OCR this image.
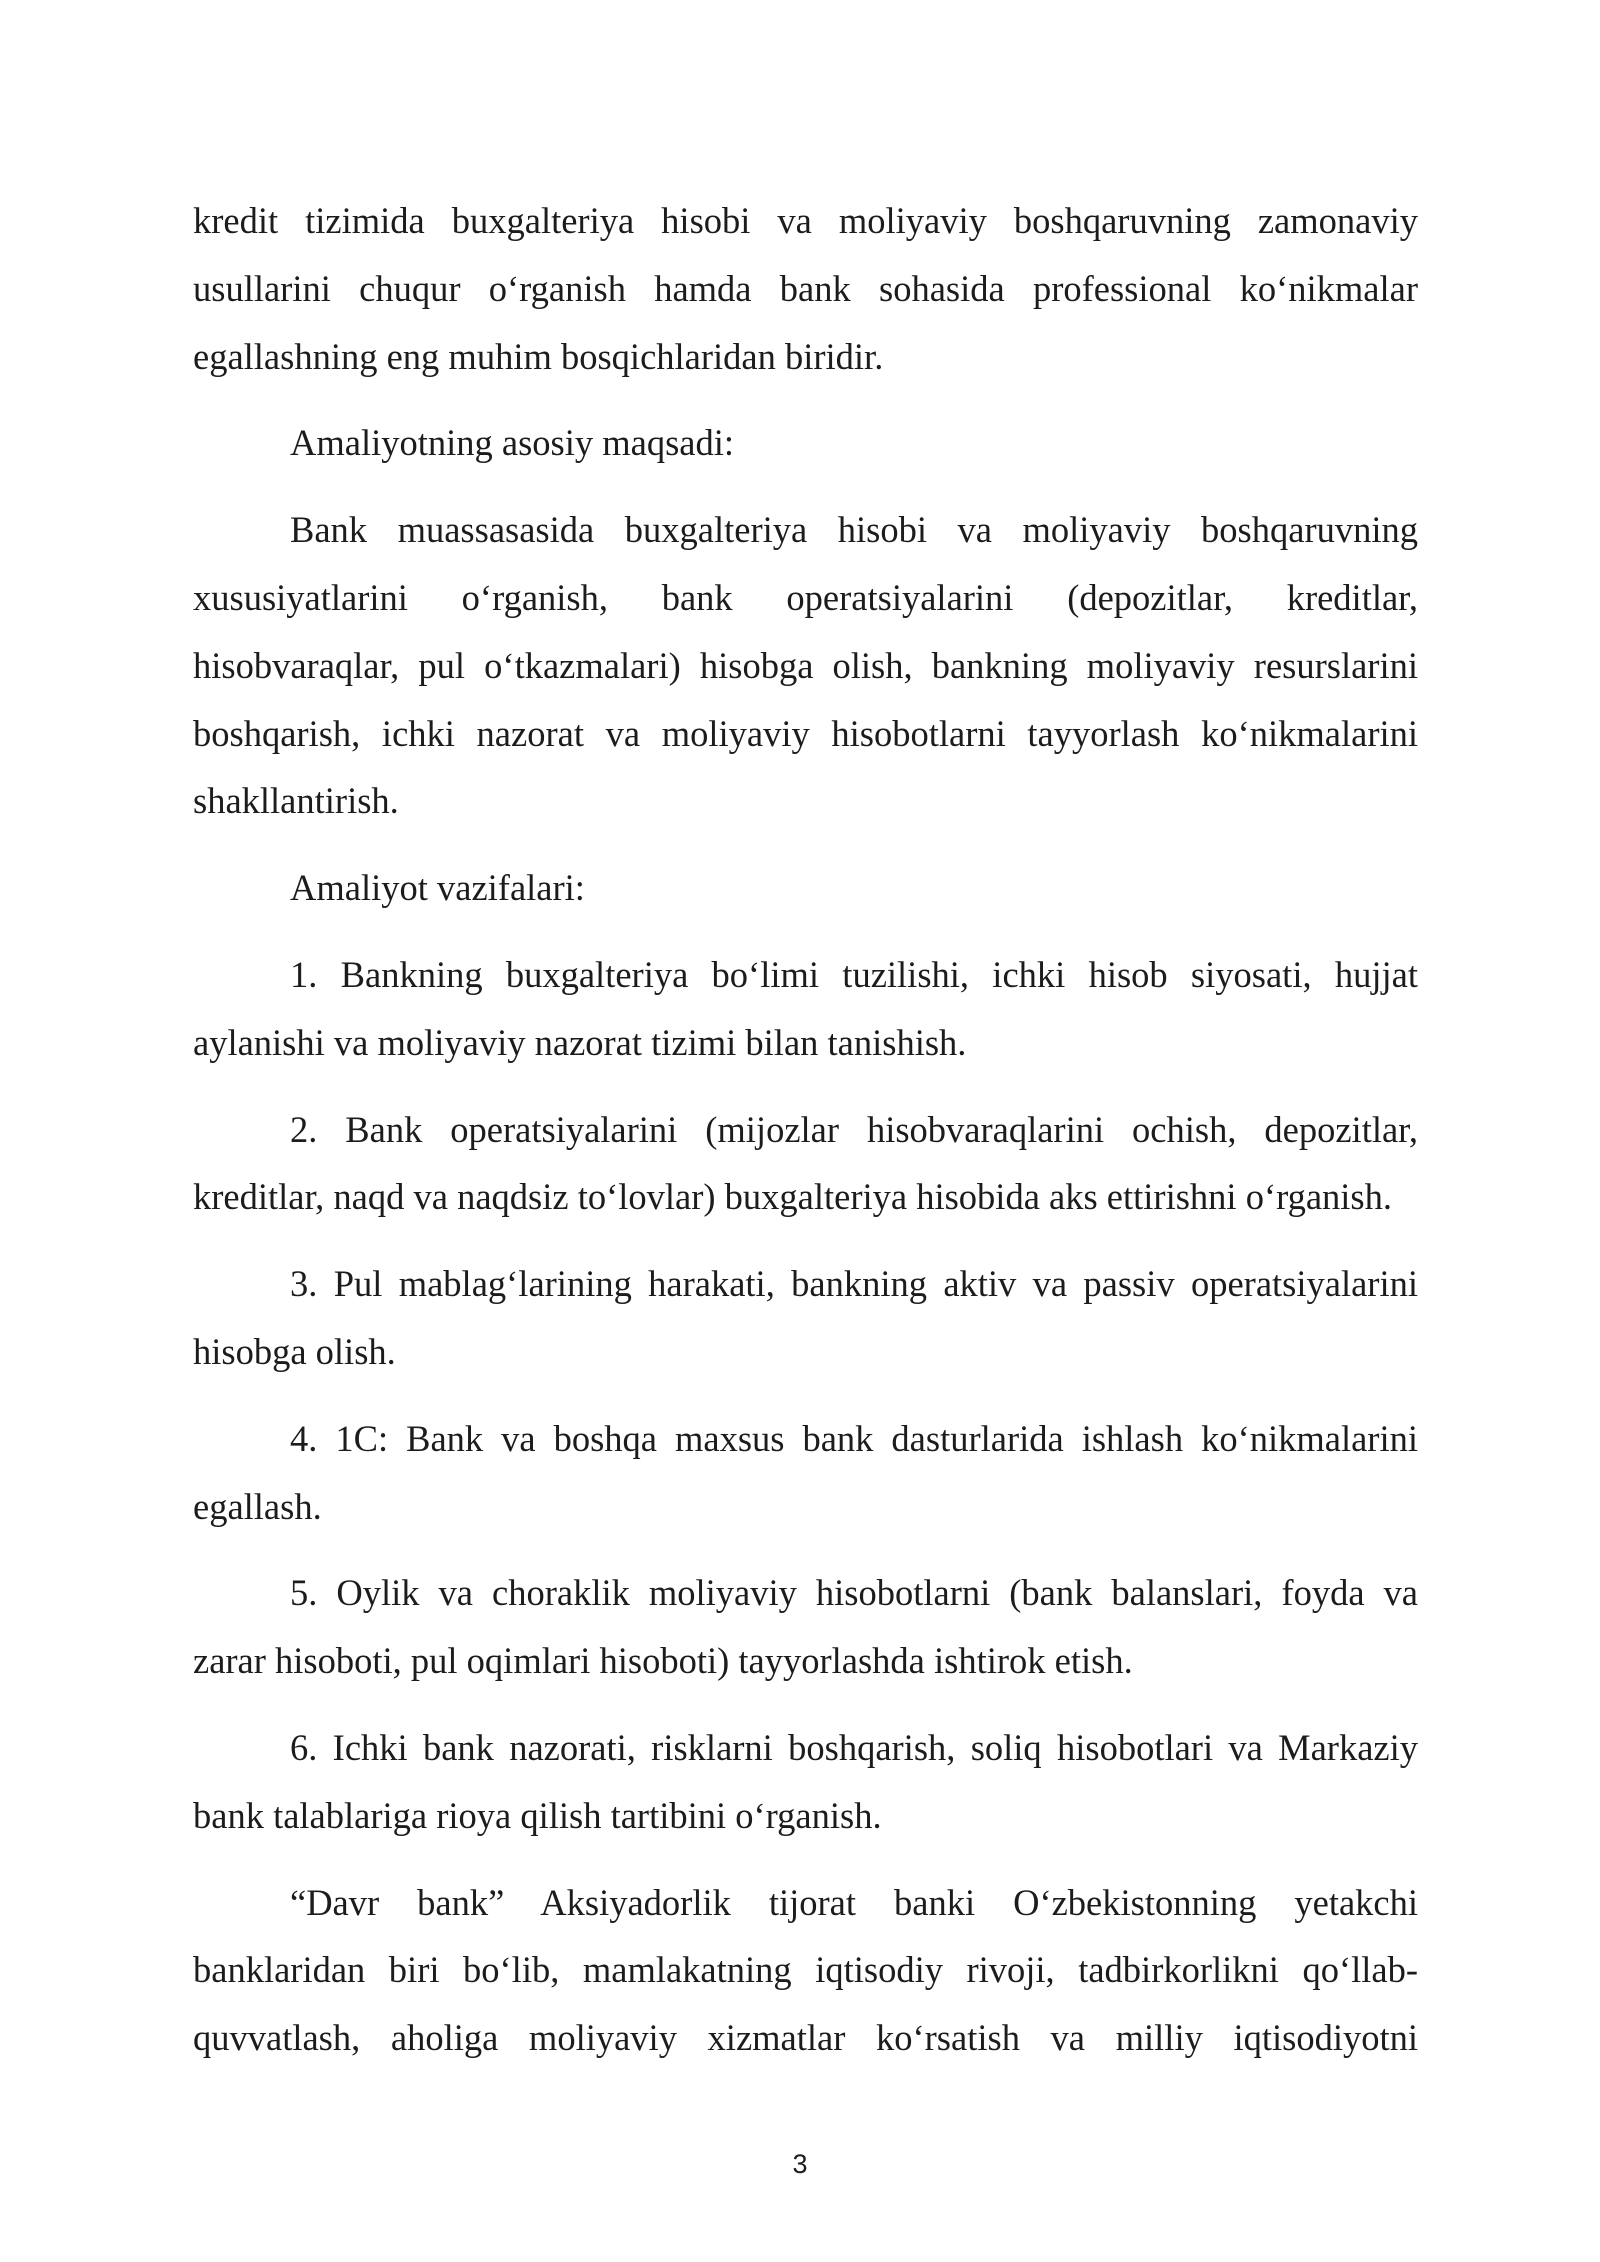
kredit tizimida buxgalteriya hisobi va moliyaviy boshqaruvning zamonaviy
usullarini chuqur o‘rganish hamda bank sohasida professional ko‘nikmalar
egallashning eng muhim bosqichlaridan biridir.
Amaliyotning asosiy maqsadi:
Bank muassasasida buxgalteriya hisobi va moliyaviy boshqaruvning
xususiyatlarini o‘rganish, bank operatsiyalarini (depozitlar, kreditlar,
hisobvaraqlar, pul o‘tkazmalari) hisobga olish, bankning moliyaviy resurslarini
boshqarish, ichki nazorat va moliyaviy hisobotlarni tayyorlash ko‘nikmalarini
shakllantirish.
Amaliyot vazifalari:
1. Bankning buxgalteriya bo‘limi tuzilishi, ichki hisob siyosati, hujjat
aylanishi va moliyaviy nazorat tizimi bilan tanishish.
2. Bank operatsiyalarini (mijozlar hisobvaraqlarini ochish, depozitlar,
kreditlar, naqd va naqdsiz to‘lovlar) buxgalteriya hisobida aks ettirishni o‘rganish.
3. Pul mablag‘larining harakati, bankning aktiv va passiv operatsiyalarini
hisobga olish.
4. 1C: Bank va boshqa maxsus bank dasturlarida ishlash ko‘nikmalarini
egallash.
5. Oylik va choraklik moliyaviy hisobotlarni (bank balanslari, foyda va
zarar hisoboti, pul oqimlari hisoboti) tayyorlashda ishtirok etish.
6. Ichki bank nazorati, risklarni boshqarish, soliq hisobotlari va Markaziy
bank talablariga rioya qilish tartibini o‘rganish.
“Davr bank” Aksiyadorlik tijorat banki O‘zbekistonning yetakchi
banklaridan biri bo‘lib, mamlakatning iqtisodiy rivoji, tadbirkorlikni qo‘llab-
quvvatlash, aholiga moliyaviy xizmatlar ko‘rsatish va milliy iqtisodiyotni
3
